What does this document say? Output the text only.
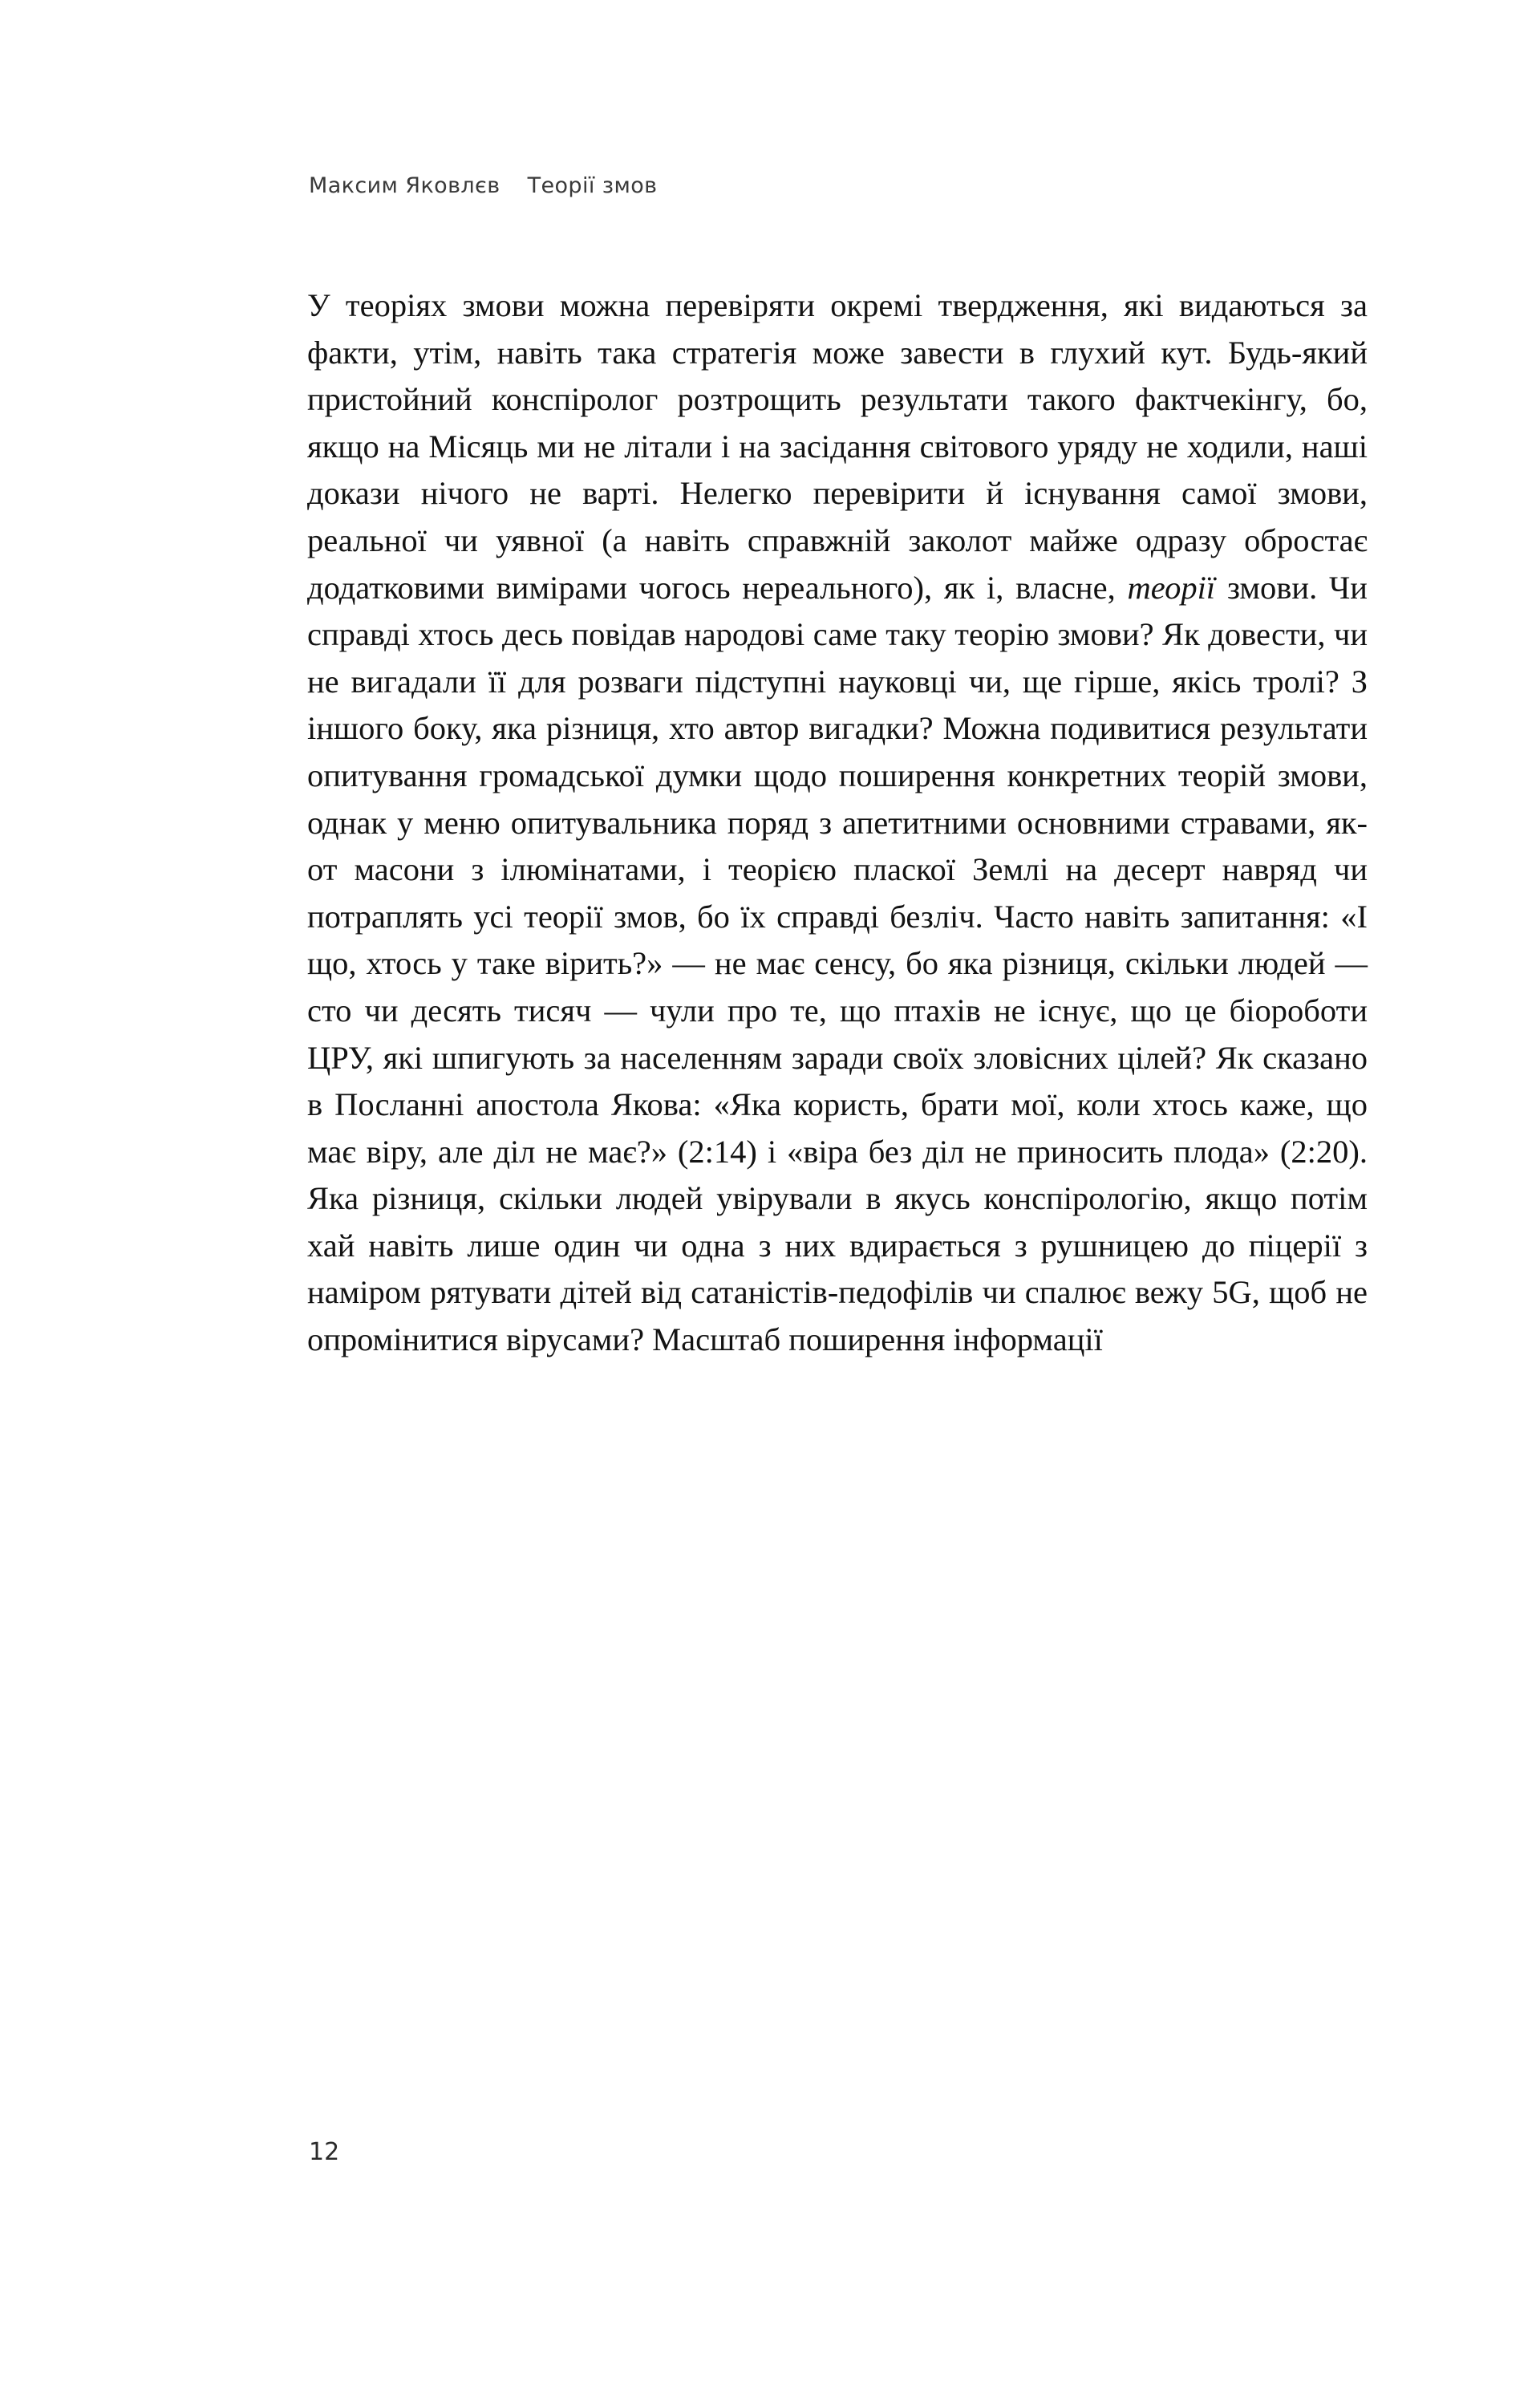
Максим Яковлєв Теорії змов

У теоріях змови можна перевіряти окремі твердження, які видаються за факти, утім, навіть така стратегія може завести в глухий кут. Будь-який пристойний конспіролог розтрощить результати такого фактчекінгу, бо, якщо на Місяць ми не літали і на засідання світового уряду не ходили, наші докази нічого не варті. Нелегко перевірити й існування самої змови, реальної чи уявної (а навіть справжній заколот майже одразу обростає додатковими вимірами чогось нереального), як і, власне, теорії змови. Чи справді хтось десь повідав народові саме таку теорію змови? Як довести, чи не вигадали її для розваги підступні науковці чи, ще гірше, якісь тролі? З іншого боку, яка різниця, хто автор вигадки? Можна подивитися результати опитування громадської думки щодо поширення конкретних теорій змови, однак у меню опитувальника поряд з апетитними основними стравами, як-от масони з ілюмінатами, і теорією пласкої Землі на десерт навряд чи потраплять усі теорії змов, бо їх справді безліч. Часто навіть запитання: «І що, хтось у таке вірить?» — не має сенсу, бо яка різниця, скільки людей — сто чи десять тисяч — чули про те, що птахів не існує, що це біороботи ЦРУ, які шпигують за населенням заради своїх зловісних цілей? Як сказано в Посланні апостола Якова: «Яка користь, брати мої, коли хтось каже, що має віру, але діл не має?» (2:14) і «віра без діл не приносить плода» (2:20). Яка різниця, скільки людей увірували в якусь конспірологію, якщо потім хай навіть лише один чи одна з них вдирається з рушницею до піцерії з наміром рятувати дітей від сатаністів-педофілів чи спалює вежу 5G, щоб не опромінитися вірусами? Масштаб поширення інформації

12
